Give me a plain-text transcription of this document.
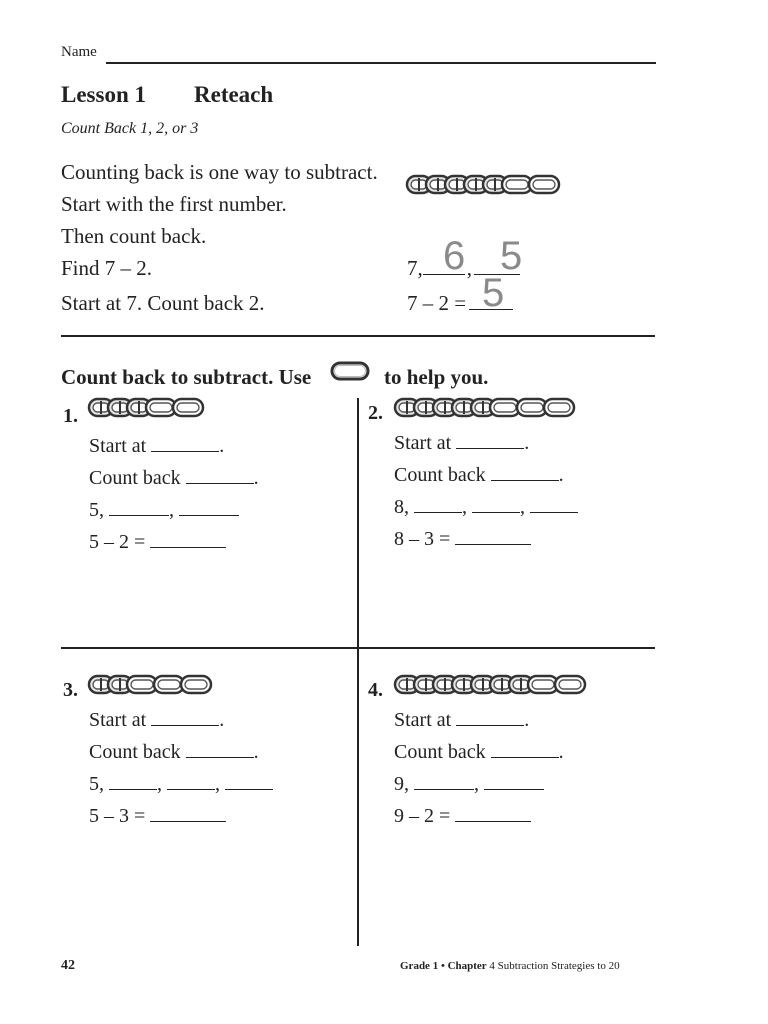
Name
Lesson 1 Reteach
Count Back 1, 2, or 3
Counting back is one way to subtract.
Start with the first number.
Then count back.
Find 7 – 2.
Start at 7. Count back 2.
7, ,
6 5
7 – 2 = 5
Count back to subtract. Use	to help you.
1.
Start at	.
Count back	.
5,	,
5 – 2 =
2.
Start at	.
Count back	.
8,	,	,
8 – 3 =
3.
Start at	.
Count back	.
5,	,	,
5 – 3 =
4.
Start at	.
Count back	.
9,	,
9 – 2 =
42	Grade 1 • Chapter 4 Subtraction Strategies to 20
